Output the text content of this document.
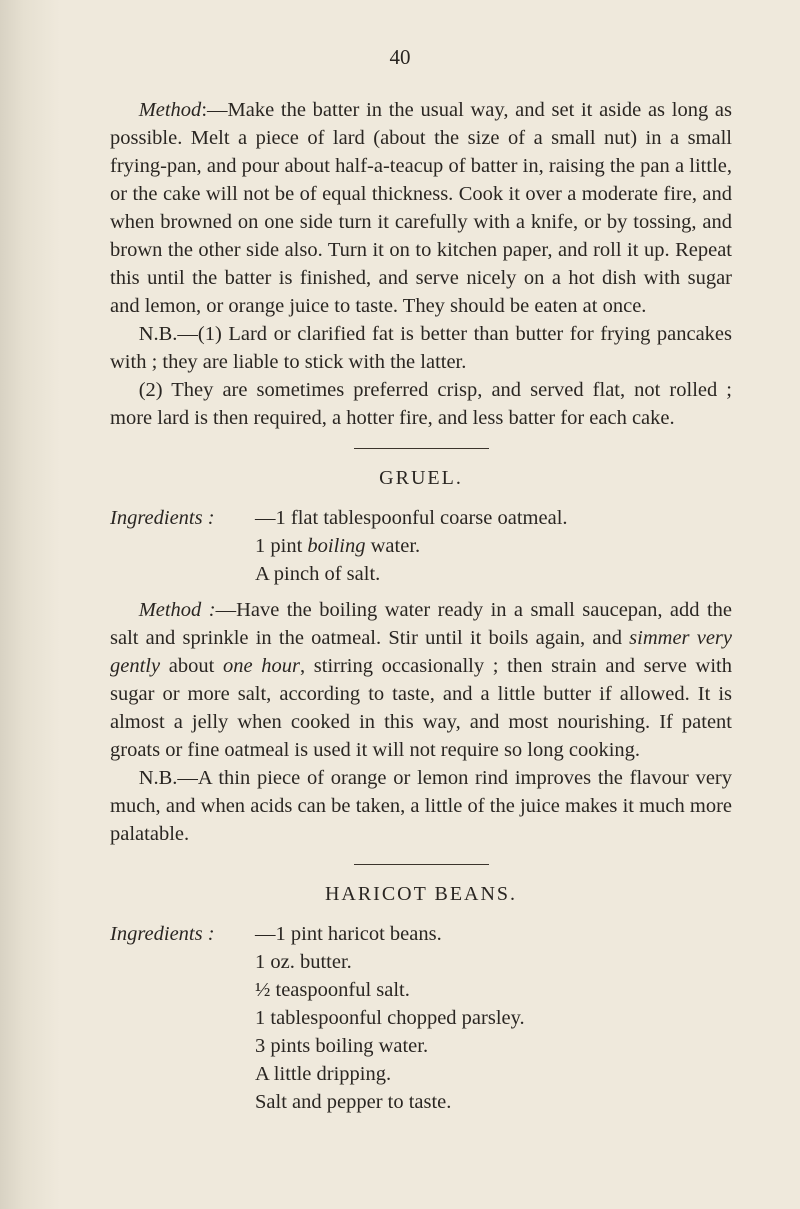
40

Method:—Make the batter in the usual way, and set it aside as long as possible. Melt a piece of lard (about the size of a small nut) in a small frying-pan, and pour about half-a-teacup of batter in, raising the pan a little, or the cake will not be of equal thickness. Cook it over a moderate fire, and when browned on one side turn it carefully with a knife, or by tossing, and brown the other side also. Turn it on to kitchen paper, and roll it up. Repeat this until the batter is finished, and serve nicely on a hot dish with sugar and lemon, or orange juice to taste. They should be eaten at once.

N.B.—(1) Lard or clarified fat is better than butter for frying pancakes with ; they are liable to stick with the latter.

(2) They are sometimes preferred crisp, and served flat, not rolled ; more lard is then required, a hotter fire, and less batter for each cake.

GRUEL.
Ingredients :	—1 flat tablespoonful coarse oatmeal.
1 pint boiling water.
A pinch of salt.

Method :—Have the boiling water ready in a small saucepan, add the salt and sprinkle in the oatmeal. Stir until it boils again, and simmer very gently about one hour, stirring occasionally ; then strain and serve with sugar or more salt, according to taste, and a little butter if allowed. It is almost a jelly when cooked in this way, and most nourishing. If patent groats or fine oatmeal is used it will not require so long cooking.

N.B.—A thin piece of orange or lemon rind improves the flavour very much, and when acids can be taken, a little of the juice makes it much more palatable.

HARICOT BEANS.
Ingredients :	—1 pint haricot beans.
1 oz. butter.
½ teaspoonful salt.
1 tablespoonful chopped parsley.
3 pints boiling water.
A little dripping.
Salt and pepper to taste.
